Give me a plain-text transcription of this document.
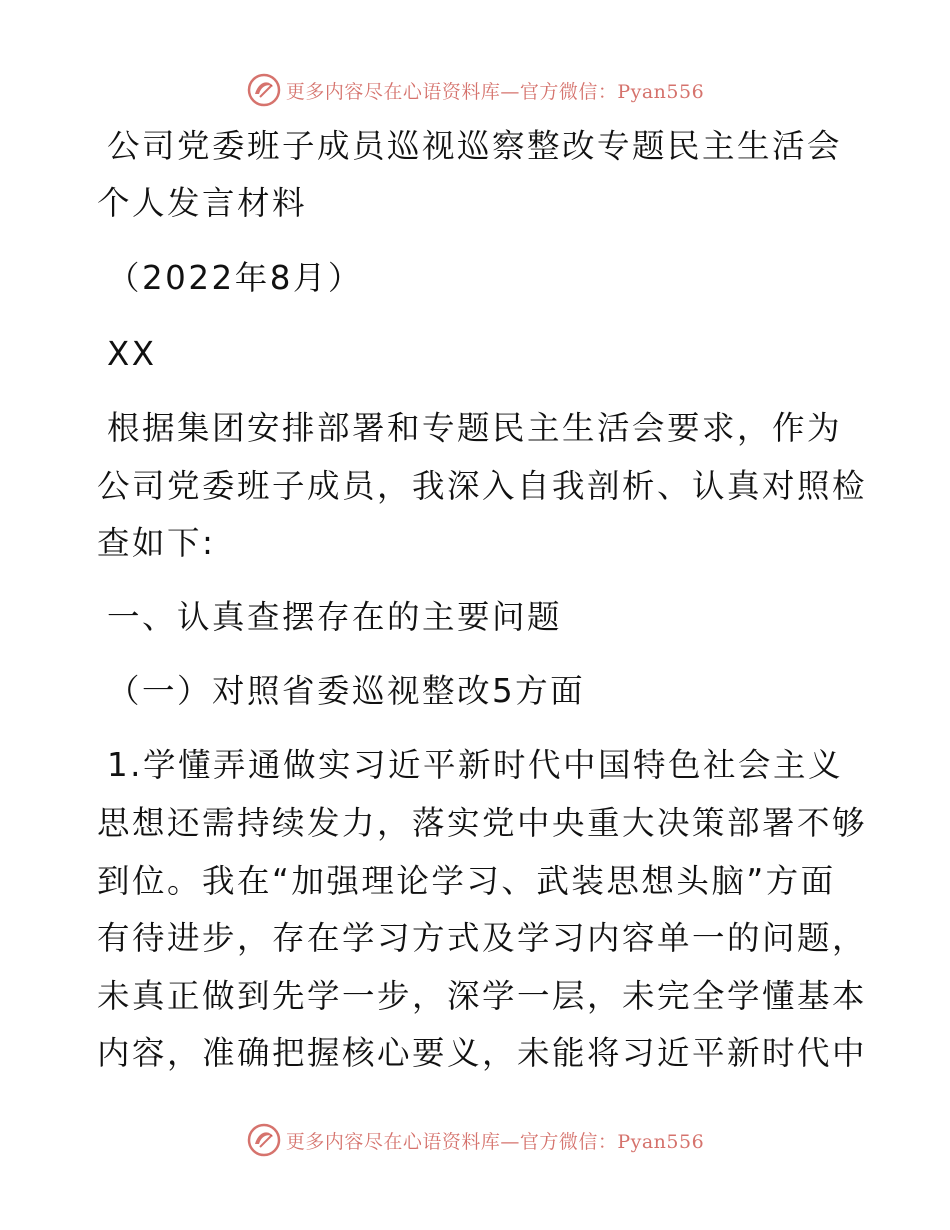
更多内容尽在心语资料库—官方微信：Pyan556
公司党委班子成员巡视巡察整改专题民主生活会
个人发言材料
（2022年8月）
XX
根据集团安排部署和专题民主生活会要求，作为
公司党委班子成员，我深入自我剖析、认真对照检
查如下:
一、认真查摆存在的主要问题
（一）对照省委巡视整改5方面
1.学懂弄通做实习近平新时代中国特色社会主义
思想还需持续发力，落实党中央重大决策部署不够
到位。我在“加强理论学习、武装思想头脑”方面
有待进步，存在学习方式及学习内容单一的问题，
未真正做到先学一步，深学一层，未完全学懂基本
内容，准确把握核心要义，未能将习近平新时代中
更多内容尽在心语资料库—官方微信：Pyan556
